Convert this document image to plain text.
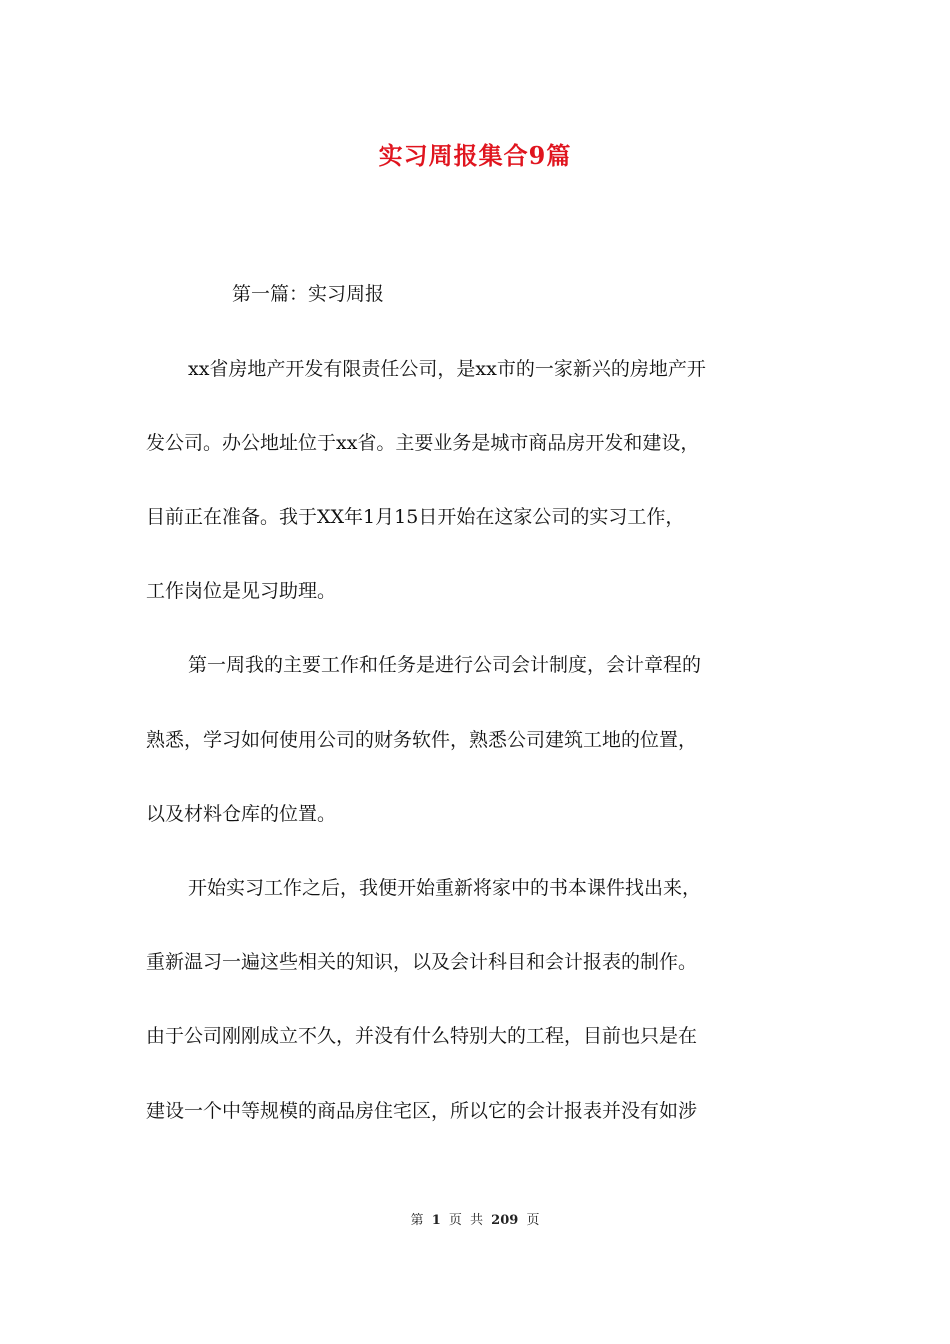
实习周报集合9篇
第一篇：实习周报
xx省房地产开发有限责任公司，是xx市的一家新兴的房地产开
发公司。办公地址位于xx省。主要业务是城市商品房开发和建设，
目前正在准备。我于XX年1月15日开始在这家公司的实习工作，
工作岗位是见习助理。
第一周我的主要工作和任务是进行公司会计制度，会计章程的
熟悉，学习如何使用公司的财务软件，熟悉公司建筑工地的位置，
以及材料仓库的位置。
开始实习工作之后，我便开始重新将家中的书本课件找出来，
重新温习一遍这些相关的知识，以及会计科目和会计报表的制作。
由于公司刚刚成立不久，并没有什么特别大的工程，目前也只是在
建设一个中等规模的商品房住宅区，所以它的会计报表并没有如涉
第 1 页 共 209 页
